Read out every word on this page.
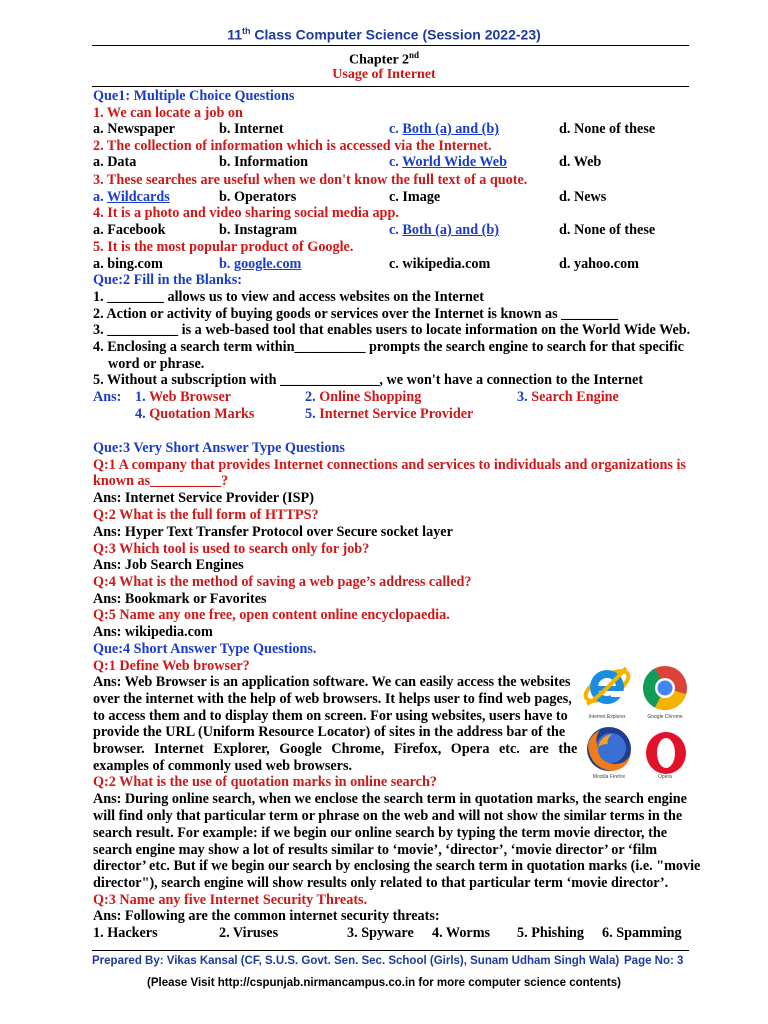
11th Class Computer Science (Session 2022-23)
Chapter 2nd
Usage of Internet
Que1: Multiple Choice Questions
1. We can locate a job on
a. Newspaper	b. Internet	c. Both (a) and (b)	d. None of these
2. The collection of information which is accessed via the Internet.
a. Data	b. Information	c. World Wide Web	d. Web
3. These searches are useful when we don't know the full text of a quote.
a. Wildcards	b. Operators	c. Image	d. News
4. It is a photo and video sharing social media app.
a. Facebook	b. Instagram	c. Both (a) and (b)	d. None of these
5. It is the most popular product of Google.
a. bing.com	b. google.com	c. wikipedia.com	d. yahoo.com
Que:2 Fill in the Blanks:
1. ________ allows us to view and access websites on the Internet
2. Action or activity of buying goods or services over the Internet is known as ________
3. __________ is a web-based tool that enables users to locate information on the World Wide Web.
4. Enclosing a search term within__________ prompts the search engine to search for that specific
word or phrase.
5. Without a subscription with ______________, we won't have a connection to the Internet
Ans: 1. Web Browser	2. Online Shopping	3. Search Engine
4. Quotation Marks	5. Internet Service Provider
Que:3 Very Short Answer Type Questions
Q:1 A company that provides Internet connections and services to individuals and organizations is
known as__________?
Ans: Internet Service Provider (ISP)
Q:2 What is the full form of HTTPS?
Ans: Hyper Text Transfer Protocol over Secure socket layer
Q:3 Which tool is used to search only for job?
Ans: Job Search Engines
Q:4 What is the method of saving a web page’s address called?
Ans: Bookmark or Favorites
Q:5 Name any one free, open content online encyclopaedia.
Ans: wikipedia.com
Que:4 Short Answer Type Questions.
Q:1 Define Web browser?
Ans: Web Browser is an application software. We can easily access the websites
over the internet with the help of web browsers. It helps user to find web pages,
to access them and to display them on screen. For using websites, users have to
provide the URL (Uniform Resource Locator) of sites in the address bar of the
browser. Internet Explorer, Google Chrome, Firefox, Opera etc. are the
examples of commonly used web browsers.
Internet Explorer	Google Chrome
Mozilla Firefox	Opera
Q:2 What is the use of quotation marks in online search?
Ans: During online search, when we enclose the search term in quotation marks, the search engine
will find only that particular term or phrase on the web and will not show the similar terms in the
search result. For example: if we begin our online search by typing the term movie director, the
search engine may show a lot of results similar to ‘movie’, ‘director’, ‘movie director’ or ‘film
director’ etc. But if we begin our search by enclosing the search term in quotation marks (i.e. "movie
director"), search engine will show results only related to that particular term ‘movie director’.
Q:3 Name any five Internet Security Threats.
Ans: Following are the common internet security threats:
1. Hackers	2. Viruses	3. Spyware 4. Worms 5. Phishing 6. Spamming
Prepared By: Vikas Kansal (CF, S.U.S. Govt. Sen. Sec. School (Girls), Sunam Udham Singh Wala) Page No: 3
(Please Visit http://cspunjab.nirmancampus.co.in for more computer science contents)
